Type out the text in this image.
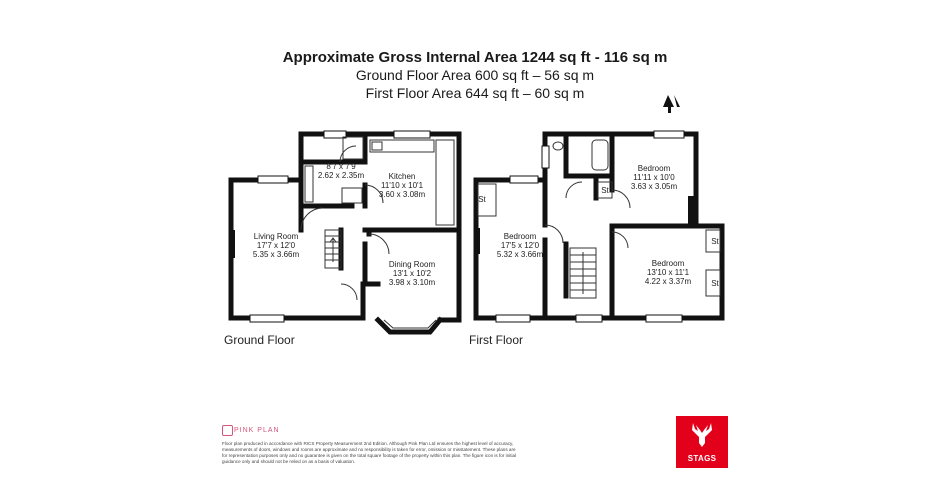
Approximate Gross Internal Area 1244 sq ft - 116 sq m
Ground Floor Area 600 sq ft – 56 sq m
First Floor Area 644 sq ft – 60 sq m
8'7 x 7'9
2.62 x 2.35m	Kitchen
11'10 x 10'1
3.60 x 3.08m
Living Room
17'7 x 12'0
5.35 x 3.66m
Dining Room
13'1 x 10'2
3.98 x 3.10m
Ground Floor
St
St
St
St
Bedroom
17'5 x 12'0
5.32 x 3.66m
Bedroom
11'11 x 10'0
3.63 x 3.05m
Bedroom
13'10 x 11'1
4.22 x 3.37m
First Floor
PINK PLAN
Floor plan produced in accordance with RICS Property Measurement 2nd Edition. Although Pink Plan Ltd ensures the highest level of accuracy, measurements of doors, windows and rooms are approximate and no responsibility is taken for error, omission or misstatement. These plans are for representation purposes only and no guarantee is given on the total square footage of the property within this plan. The figure icon is for initial guidance only and should not be relied on as a basis of valuation.	STAGS
